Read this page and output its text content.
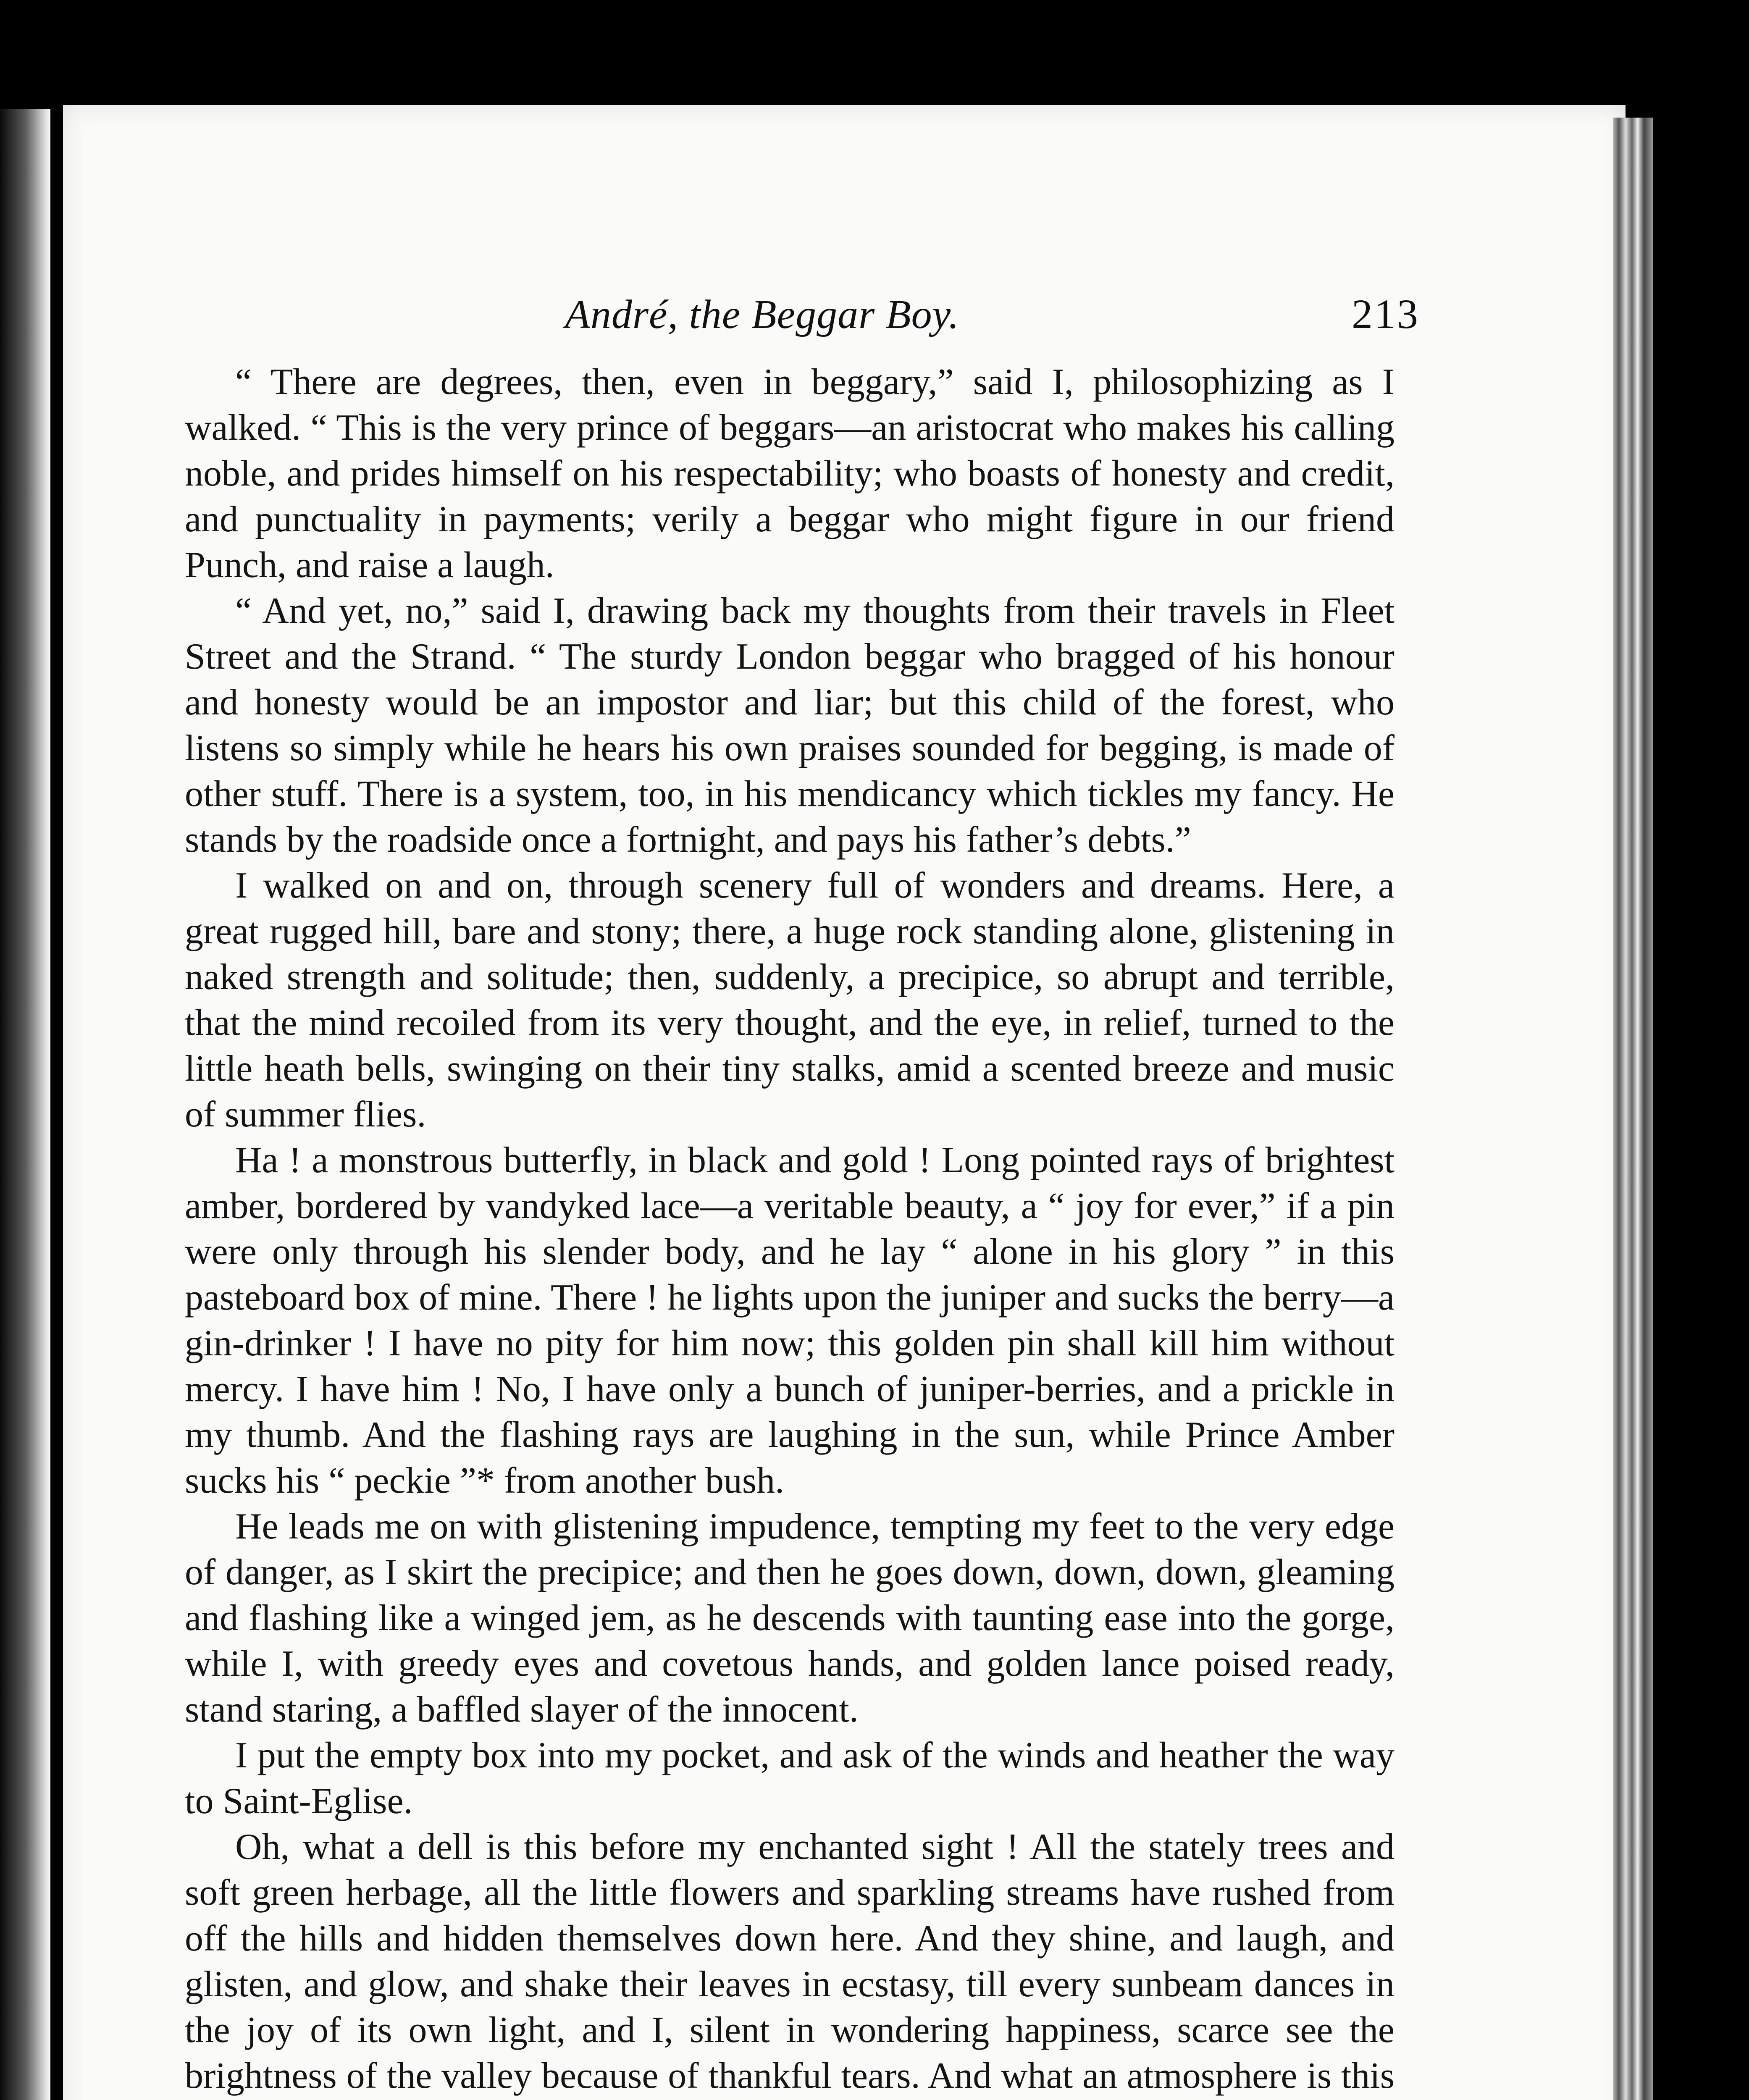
André, the Beggar Boy.	213

“ There are degrees, then, even in beggary,” said I, philosophizing as I walked. “ This is the very prince of beggars—an aristocrat who makes his calling noble, and prides himself on his respectability; who boasts of honesty and credit, and punctuality in payments; verily a beggar who might figure in our friend Punch, and raise a laugh.

“ And yet, no,” said I, drawing back my thoughts from their travels in Fleet Street and the Strand. “ The sturdy London beggar who bragged of his honour and honesty would be an impostor and liar; but this child of the forest, who listens so simply while he hears his own praises sounded for begging, is made of other stuff. There is a system, too, in his mendicancy which tickles my fancy. He stands by the roadside once a fortnight, and pays his father’s debts.”

I walked on and on, through scenery full of wonders and dreams. Here, a great rugged hill, bare and stony; there, a huge rock standing alone, glistening in naked strength and solitude; then, suddenly, a precipice, so abrupt and terrible, that the mind recoiled from its very thought, and the eye, in relief, turned to the little heath bells, swinging on their tiny stalks, amid a scented breeze and music of summer flies.

Ha ! a monstrous butterfly, in black and gold ! Long pointed rays of brightest amber, bordered by vandyked lace—a veritable beauty, a “ joy for ever,” if a pin were only through his slender body, and he lay “ alone in his glory ” in this pasteboard box of mine. There ! he lights upon the juniper and sucks the berry—a gin-drinker ! I have no pity for him now; this golden pin shall kill him without mercy. I have him ! No, I have only a bunch of juniper-berries, and a prickle in my thumb. And the flashing rays are laughing in the sun, while Prince Amber sucks his “ peckie ”* from another bush.

He leads me on with glistening impudence, tempting my feet to the very edge of danger, as I skirt the precipice; and then he goes down, down, down, gleaming and flashing like a winged jem, as he descends with taunting ease into the gorge, while I, with greedy eyes and covetous hands, and golden lance poised ready, stand staring, a baffled slayer of the innocent.

I put the empty box into my pocket, and ask of the winds and heather the way to Saint-Eglise.

Oh, what a dell is this before my enchanted sight ! All the stately trees and soft green herbage, all the little flowers and sparkling streams have rushed from off the hills and hidden themselves down here. And they shine, and laugh, and glisten, and glow, and shake their leaves in ecstasy, till every sunbeam dances in the joy of its own light, and I, silent in wondering happiness, scarce see the brightness of the valley because of thankful tears. And what an atmosphere is this
